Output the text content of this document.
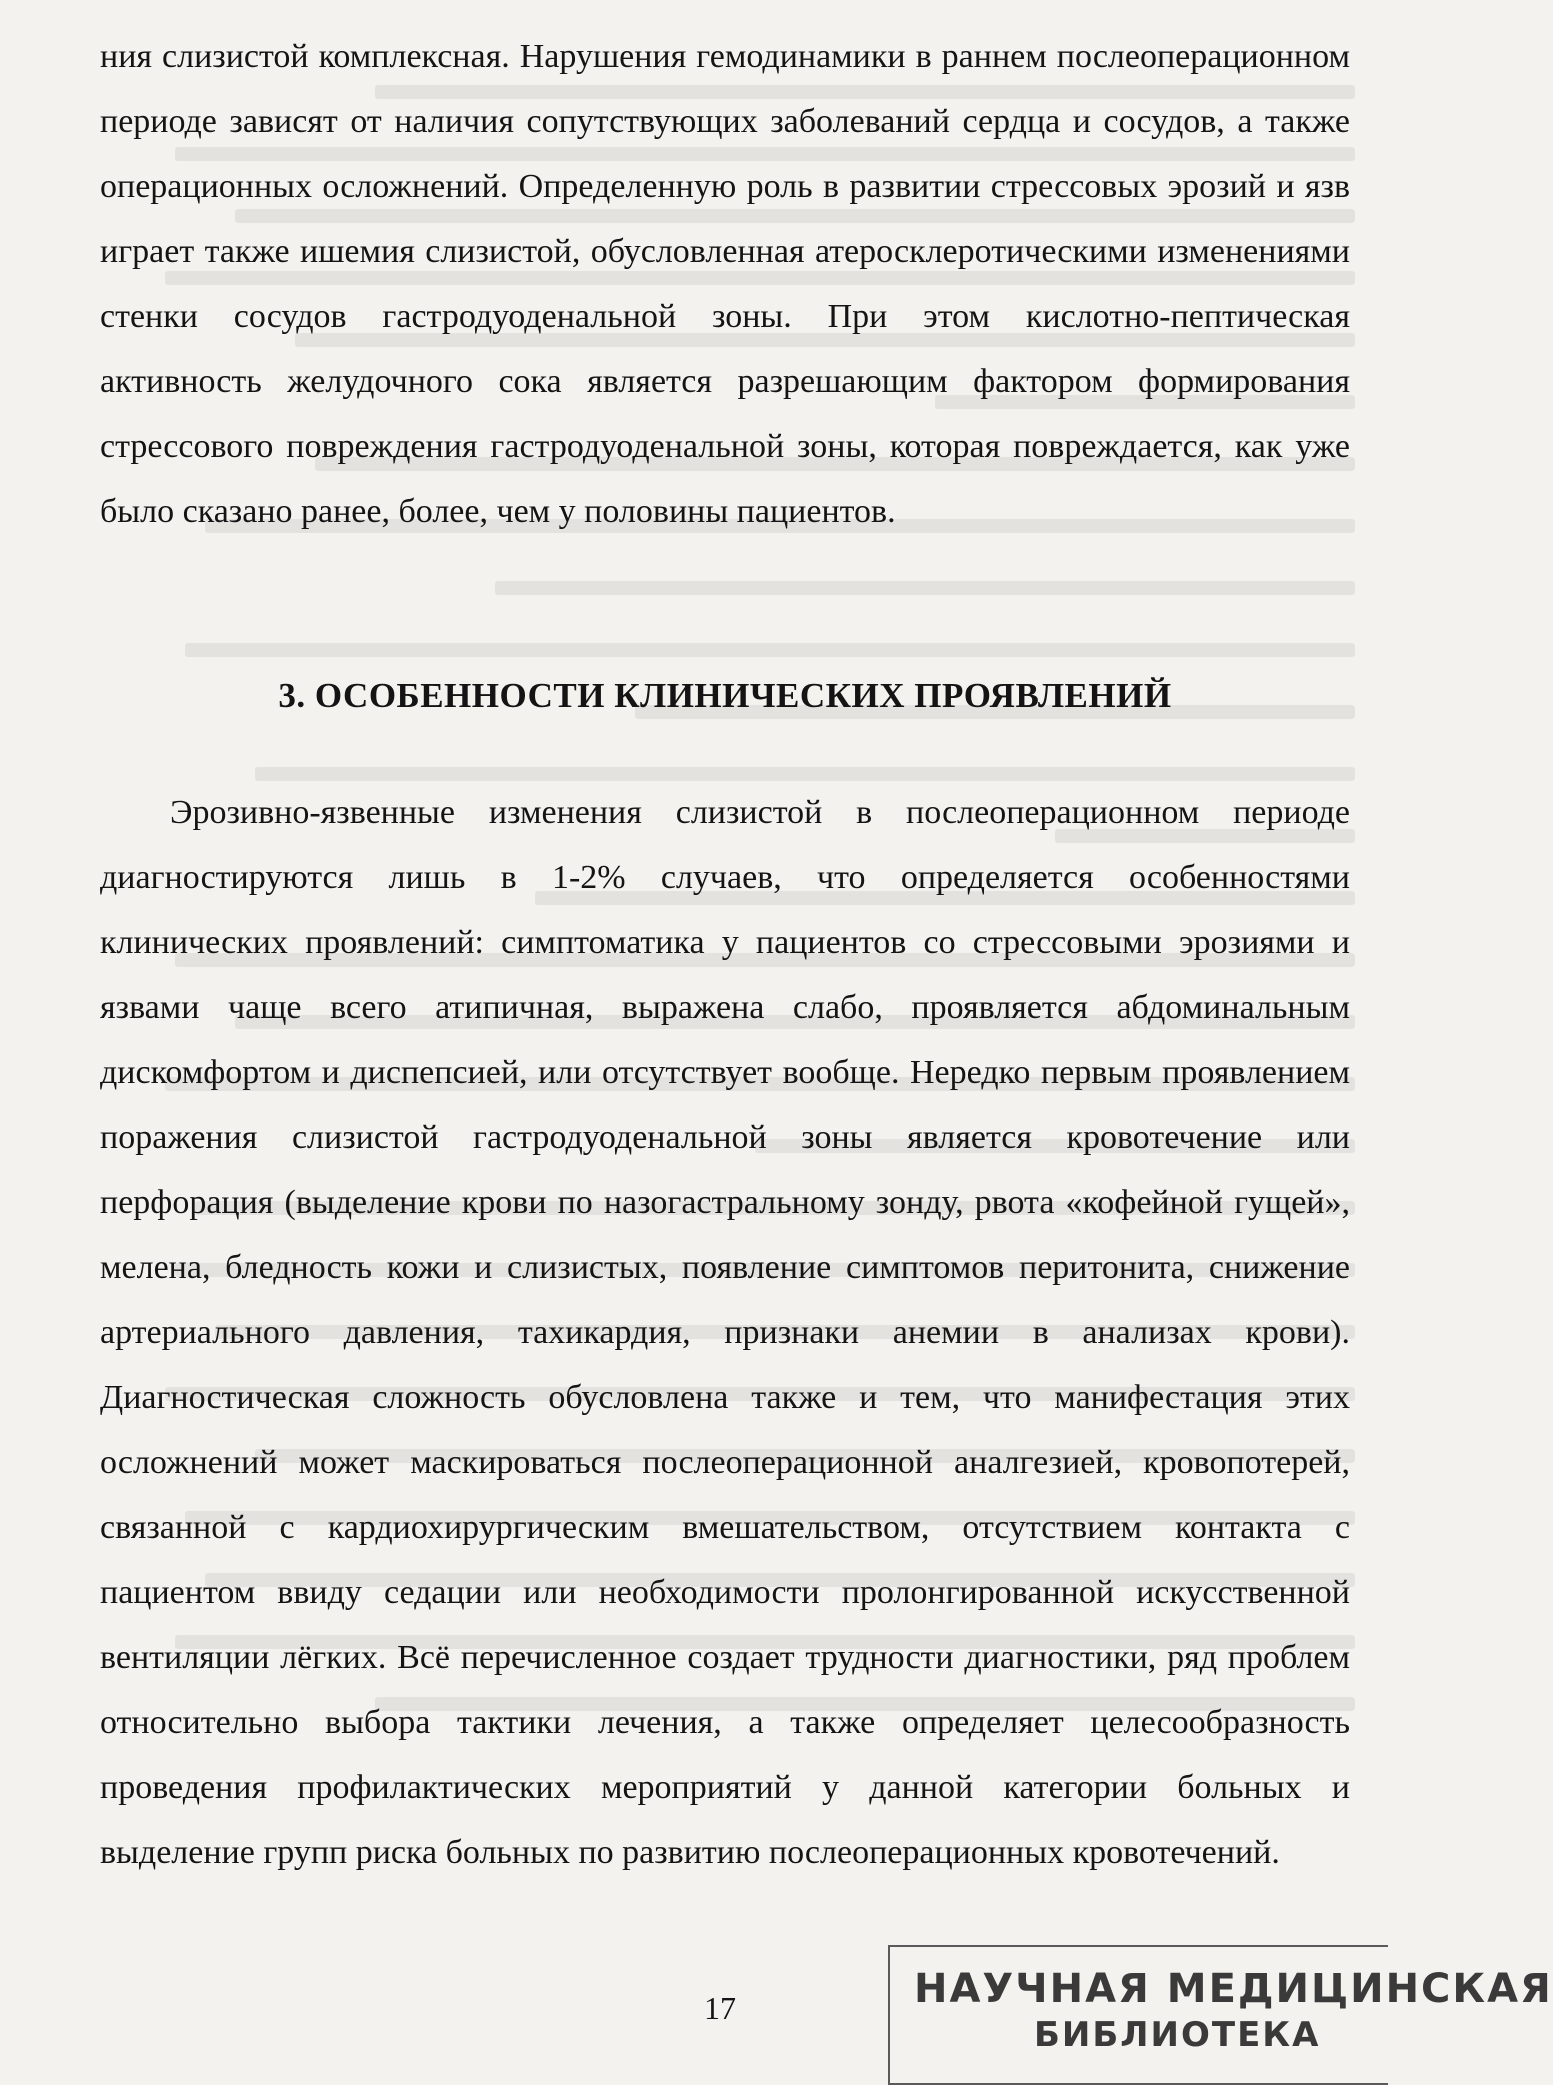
ния слизистой комплексная. Нарушения гемодинамики в раннем послеоперационном периоде зависят от наличия сопутствующих заболеваний сердца и сосудов, а также операционных осложнений. Определенную роль в развитии стрессовых эрозий и язв играет также ишемия слизистой, обусловленная атеросклеротическими изменениями стенки сосудов гастродуоденальной зоны. При этом кислотно-пептическая активность желудочного сока является разрешающим фактором формирования стрессового повреждения гастродуоденальной зоны, которая повреждается, как уже было сказано ранее, более, чем у половины пациентов.

3. ОСОБЕННОСТИ КЛИНИЧЕСКИХ ПРОЯВЛЕНИЙ

Эрозивно-язвенные изменения слизистой в послеоперационном периоде диагностируются лишь в 1-2% случаев, что определяется особенностями клинических проявлений: симптоматика у пациентов со стрессовыми эрозиями и язвами чаще всего атипичная, выражена слабо, проявляется абдоминальным дискомфортом и диспепсией, или отсутствует вообще. Нередко первым проявлением поражения слизистой гастродуоденальной зоны является кровотечение или перфорация (выделение крови по назогастральному зонду, рвота «кофейной гущей», мелена, бледность кожи и слизистых, появление симптомов перитонита, снижение артериального давления, тахикардия, признаки анемии в анализах крови). Диагностическая сложность обусловлена также и тем, что манифестация этих осложнений может маскироваться послеоперационной аналгезией, кровопотерей, связанной с кардиохирургическим вмешательством, отсутствием контакта с пациентом ввиду седации или необходимости пролонгированной искусственной вентиляции лёгких. Всё перечисленное создает трудности диагностики, ряд проблем относительно выбора тактики лечения, а также определяет целесообразность проведения профилактических мероприятий у данной категории больных и выделение групп риска больных по развитию послеоперационных кровотечений.

17	НАУЧНАЯ МЕДИЦИНСКАЯ
БИБЛИОТЕКА
